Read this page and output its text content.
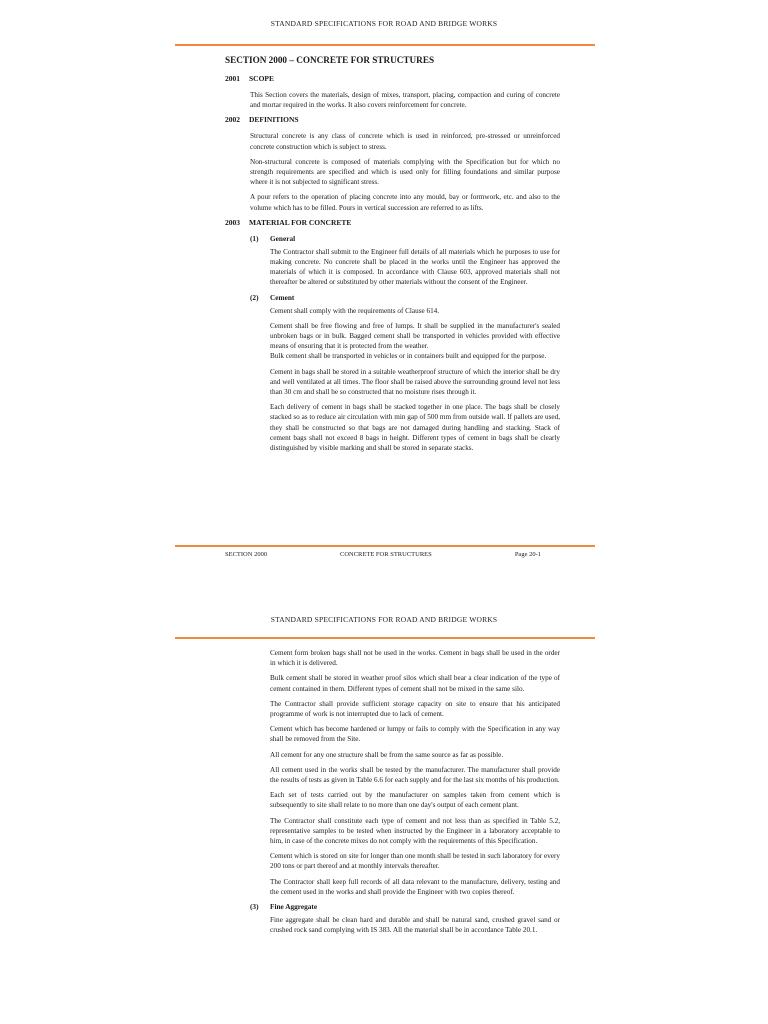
STANDARD SPECIFICATIONS FOR ROAD AND BRIDGE WORKS
SECTION 2000 – CONCRETE FOR STRUCTURES
2001 SCOPE

This Section covers the materials, design of mixes, transport, placing, compaction and curing of concrete and mortar required in the works. It also covers reinforcement for concrete.

2002 DEFINITIONS

Structural concrete is any class of concrete which is used in reinforced, pre-stressed or unreinforced concrete construction which is subject to stress.

Non-structural concrete is composed of materials complying with the Specification but for which no strength requirements are specified and which is used only for filling foundations and similar purpose where it is not subjected to significant stress.

A pour refers to the operation of placing concrete into any mould, bay or formwork, etc. and also to the volume which has to be filled. Pours in vertical succession are referred to as lifts.

2003 MATERIAL FOR CONCRETE
(1) General

The Contractor shall submit to the Engineer full details of all materials which he purposes to use for making concrete. No concrete shall be placed in the works until the Engineer has approved the materials of which it is composed. In accordance with Clause 603, approved materials shall not thereafter be altered or substituted by other materials without the consent of the Engineer.

(2) Cement

Cement shall comply with the requirements of Clause 614.

Cement shall be free flowing and free of lumps. It shall be supplied in the manufacturer's sealed unbroken bags or in bulk. Bagged cement shall be transported in vehicles provided with effective means of ensuring that it is protected from the weather.

Bulk cement shall be transported in vehicles or in containers built and equipped for the purpose.

Cement in bags shall be stored in a suitable weatherproof structure of which the interior shall be dry and well ventilated at all times. The floor shall be raised above the surrounding ground level not less than 30 cm and shall be so constructed that no moisture rises through it.

Each delivery of cement in bags shall be stacked together in one place. The bags shall be closely stacked so as to reduce air circulation with min gap of 500 mm from outside wall. If pallets are used, they shall be constructed so that bags are not damaged during handling and stacking. Stack of cement bags shall not exceed 8 bags in height. Different types of cement in bags shall be clearly distinguished by visible marking and shall be stored in separate stacks.

SECTION 2000	CONCRETE FOR STRUCTURES	Page 20-1
STANDARD SPECIFICATIONS FOR ROAD AND BRIDGE WORKS

Cement form broken bags shall not be used in the works. Cement in bags shall be used in the order in which it is delivered.

Bulk cement shall be stored in weather proof silos which shall bear a clear indication of the type of cement contained in them. Different types of cement shall not be mixed in the same silo.

The Contractor shall provide sufficient storage capacity on site to ensure that his anticipated programme of work is not interrupted due to lack of cement.

Cement which has become hardened or lumpy or fails to comply with the Specification in any way shall be removed from the Site.

All cement for any one structure shall be from the same source as far as possible.

All cement used in the works shall be tested by the manufacturer. The manufacturer shall provide the results of tests as given in Table 6.6 for each supply and for the last six months of his production.

Each set of tests carried out by the manufacturer on samples taken from cement which is subsequently to site shall relate to no more than one day's output of each cement plant.

The Contractor shall constitute each type of cement and not less than as specified in Table 5.2, representative samples to be tested when instructed by the Engineer in a laboratory acceptable to him, in case of the concrete mixes do not comply with the requirements of this Specification.

Cement which is stored on site for longer than one month shall be tested in such laboratory for every 200 tons or part thereof and at monthly intervals thereafter.

The Contractor shall keep full records of all data relevant to the manufacture, delivery, testing and the cement used in the works and shall provide the Engineer with two copies thereof.

(3) Fine Aggregate

Fine aggregate shall be clean hard and durable and shall be natural sand, crushed gravel sand or crushed rock sand complying with IS 383. All the material shall be in accordance Table 20.1.
